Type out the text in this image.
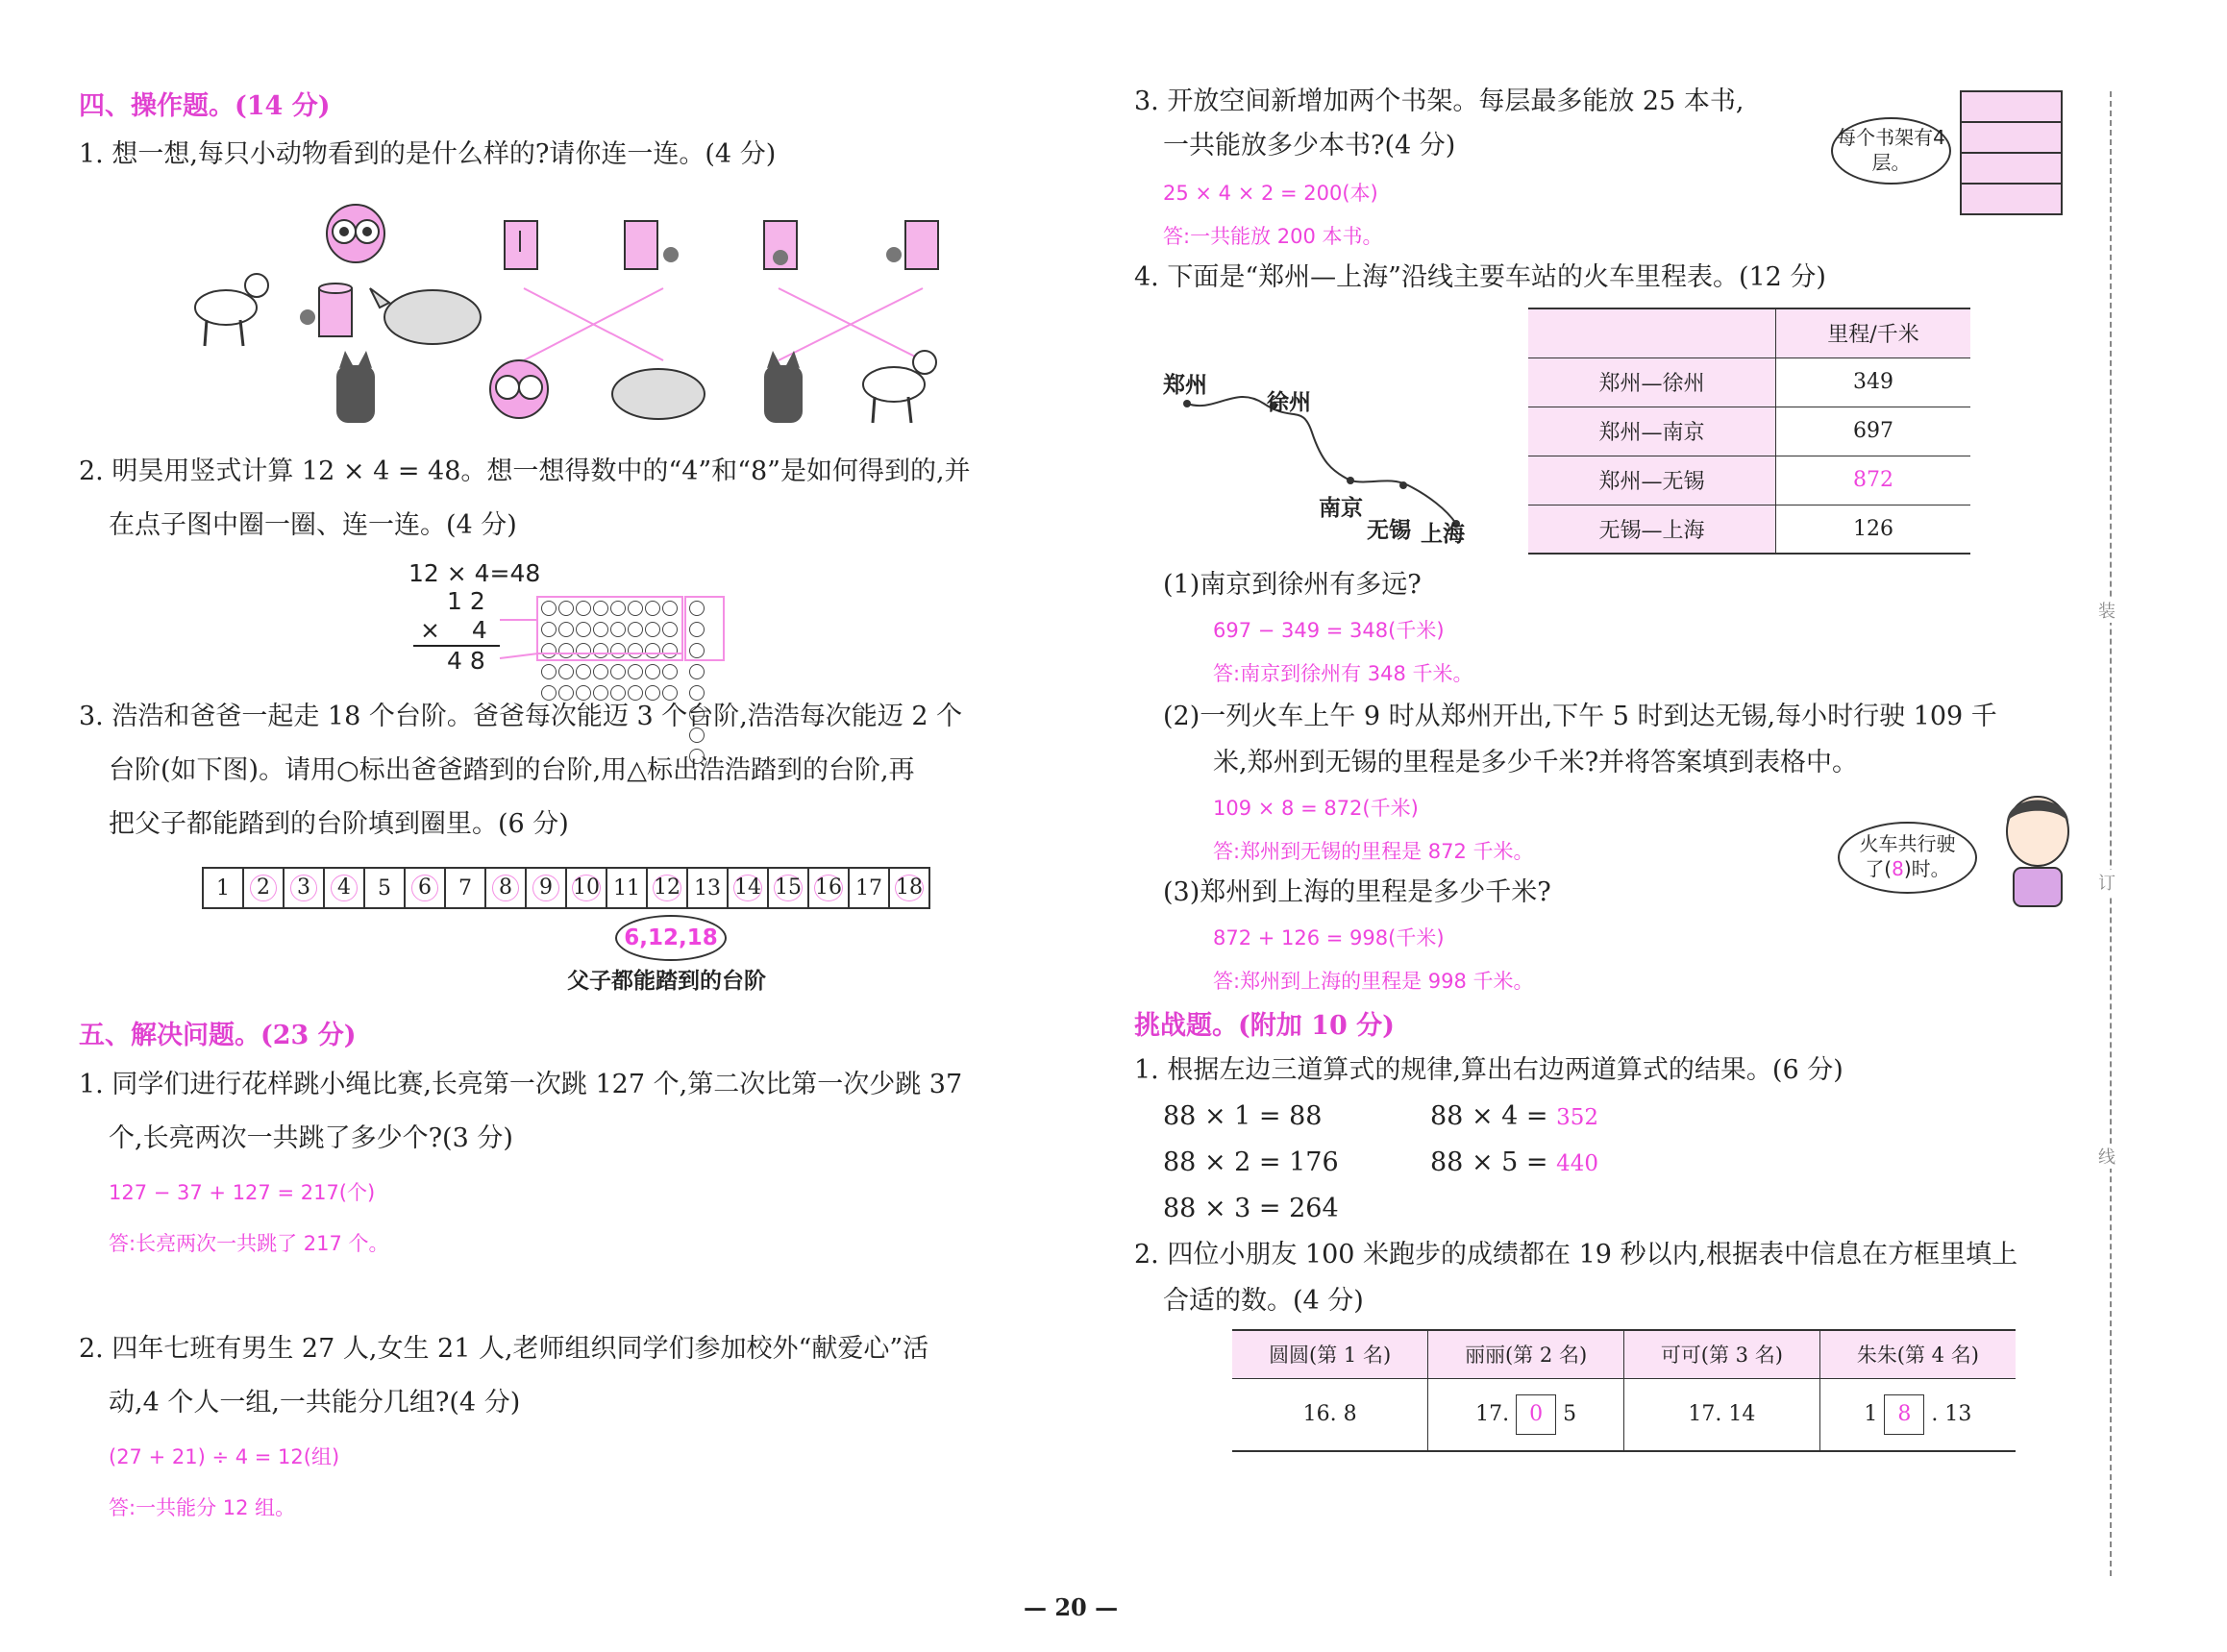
四、操作题。(14 分)
1. 想一想,每只小动物看到的是什么样的?请你连一连。(4 分)
2. 明昊用竖式计算 12 × 4 = 48。想一想得数中的“4”和“8”是如何得到的,并
在点子图中圈一圈、连一连。(4 分)
12 × 4=48
1 2
× 　4
4 8
3. 浩浩和爸爸一起走 18 个台阶。爸爸每次能迈 3 个台阶,浩浩每次能迈 2 个
台阶(如下图)。请用○标出爸爸踏到的台阶,用△标出浩浩踏到的台阶,再
把父子都能踏到的台阶填到圈里。(6 分)
1	2	3	4	5	6	7	8	9	10	11	12	13	14	15	16	17	18
6,12,18
父子都能踏到的台阶
五、解决问题。(23 分)
1. 同学们进行花样跳小绳比赛,长亮第一次跳 127 个,第二次比第一次少跳 37
个,长亮两次一共跳了多少个?(3 分)
127 − 37 + 127 = 217(个)
答:长亮两次一共跳了 217 个。
2. 四年七班有男生 27 人,女生 21 人,老师组织同学们参加校外“献爱心”活
动,4 个人一组,一共能分几组?(4 分)
(27 + 21) ÷ 4 = 12(组)
答:一共能分 12 组。
3. 开放空间新增加两个书架。每层最多能放 25 本书,
一共能放多少本书?(4 分)	每个书架有4层。
25 × 4 × 2 = 200(本)
答:一共能放 200 本书。
4. 下面是“郑州—上海”沿线主要车站的火车里程表。(12 分)
郑州
徐州
南京
无锡 上海
	里程/千米
郑州—徐州	349
郑州—南京	697
郑州—无锡	872
无锡—上海	126
(1)南京到徐州有多远?
697 − 349 = 348(千米)
答:南京到徐州有 348 千米。
(2)一列火车上午 9 时从郑州开出,下午 5 时到达无锡,每小时行驶 109 千
米,郑州到无锡的里程是多少千米?并将答案填到表格中。
109 × 8 = 872(千米)
答:郑州到无锡的里程是 872 千米。	火车共行驶
了(8)时。
(3)郑州到上海的里程是多少千米?
872 + 126 = 998(千米)
答:郑州到上海的里程是 998 千米。
挑战题。(附加 10 分)
1. 根据左边三道算式的规律,算出右边两道算式的结果。(6 分)
88 × 1 = 88
88 × 2 = 176
88 × 3 = 264
88 × 4 = 352
88 × 5 = 440
2. 四位小朋友 100 米跑步的成绩都在 19 秒以内,根据表中信息在方框里填上
合适的数。(4 分)
圆圆(第 1 名)	丽丽(第 2 名)	可可(第 3 名)	朱朱(第 4 名)
16. 8	17. 0 5	17. 14	1 8 . 13
装
订
线
— 20 —
